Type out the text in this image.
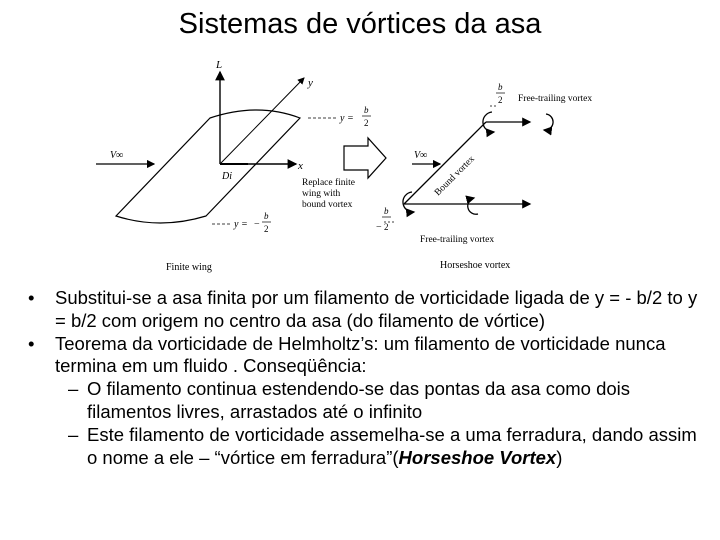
Sistemas de vórtices da asa
L
y
x
V∞
Di
y =
b
2
y = −
b
2
Finite wing
Replace finite
wing with
bound vortex
V∞
b
2 Free-trailing vortex
Bound vortex
−
b
2
Free-trailing vortex
Horseshoe vortex
• Substitui-se a asa finita por um filamento de vorticidade ligada de y = - b/2 to y = b/2 com origem no centro da asa (do filamento de vórtice)
• Teorema da vorticidade de Helmholtz’s: um filamento de vorticidade nunca termina em um fluido . Conseqüência:
– O filamento continua estendendo-se das pontas da asa como dois filamentos livres, arrastados até o infinito
– Este filamento de vorticidade assemelha-se a uma ferradura, dando assim o nome a ele – “vórtice em ferradura”(Horseshoe Vortex)
